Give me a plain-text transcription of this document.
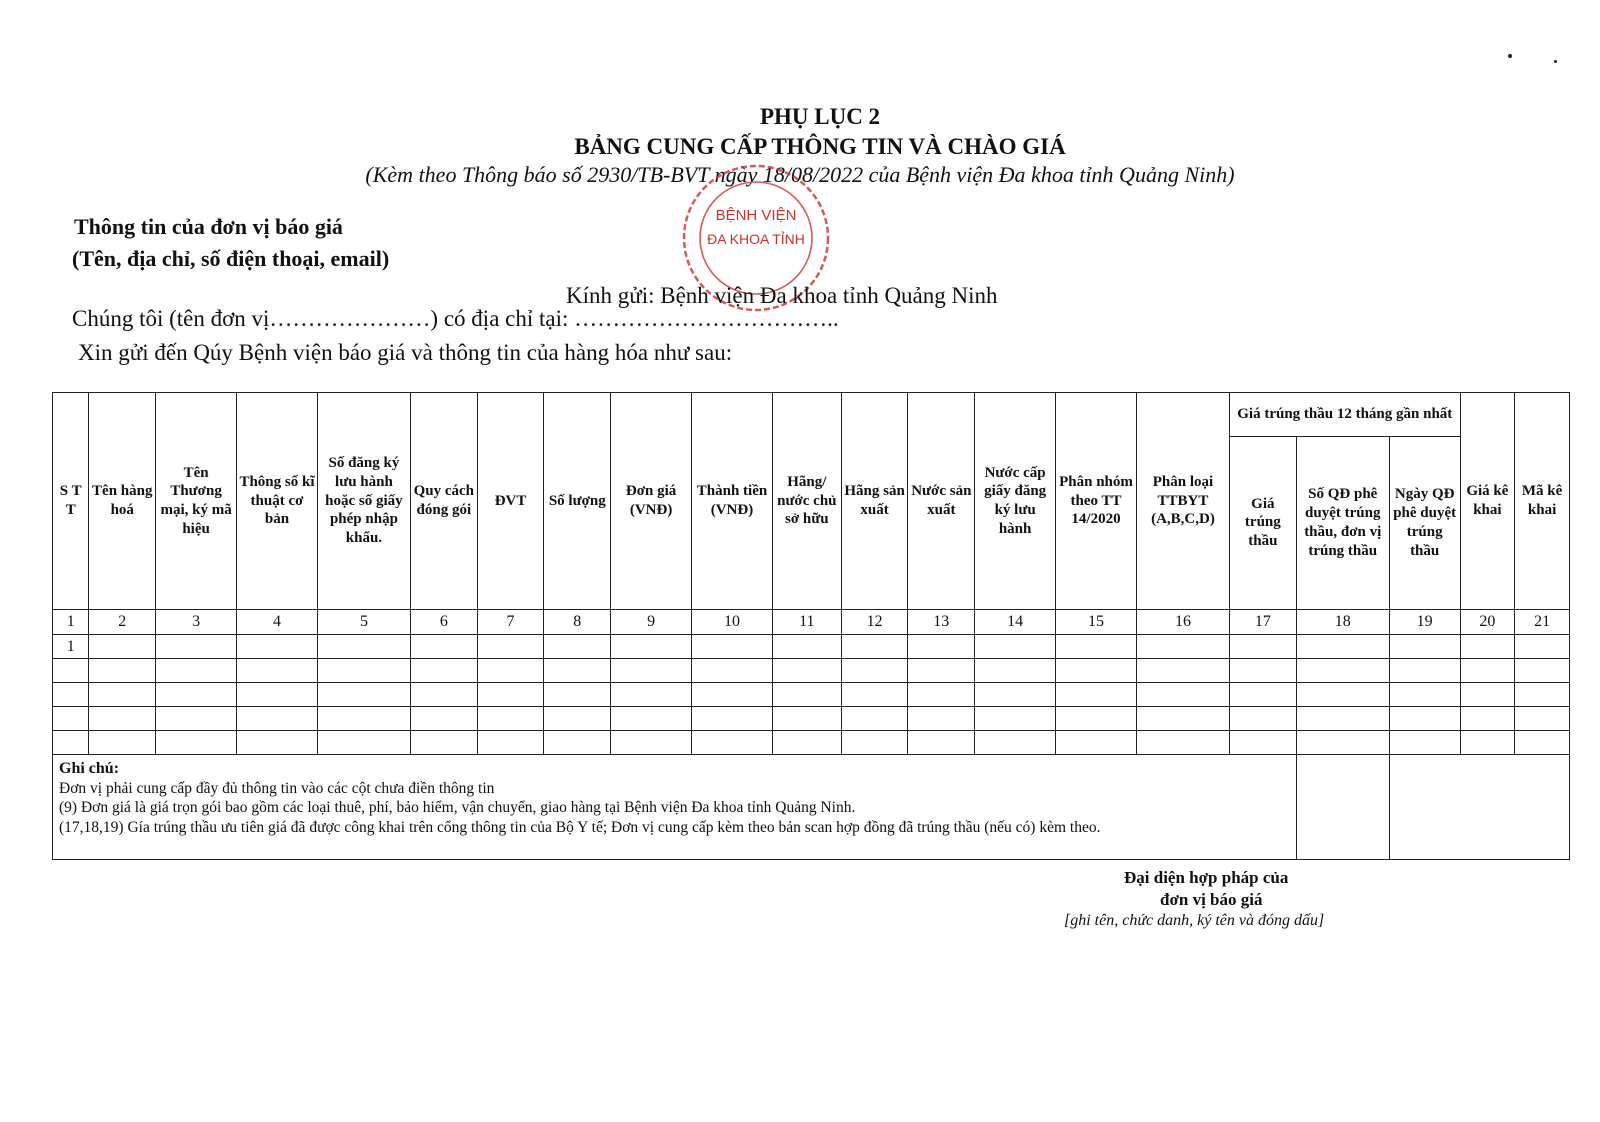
PHỤ LỤC 2
BẢNG CUNG CẤP THÔNG TIN VÀ CHÀO GIÁ
(Kèm theo Thông báo số 2930/TB-BVT ngày 18/08/2022 của Bệnh viện Đa khoa tỉnh Quảng Ninh)
BỆNH VIỆN
ĐA KHOA TỈNH
Thông tin của đơn vị báo giá
(Tên, địa chỉ, số điện thoại, email)
Kính gửi: Bệnh viện Đa khoa tỉnh Quảng Ninh
Chúng tôi (tên đơn vị…………………) có địa chỉ tại: ……………………………..
Xin gửi đến Qúy Bệnh viện báo giá và thông tin của hàng hóa như sau:
S T T	Tên hàng hoá	Tên Thương mại, ký mã hiệu	Thông số kĩ thuật cơ bản	Số đăng ký lưu hành hoặc số giấy phép nhập khẩu.	Quy cách đóng gói	ĐVT	Số lượng	Đơn giá (VNĐ)	Thành tiền (VNĐ)	Hãng/ nước chủ sở hữu	Hãng sản xuất	Nước sản xuất	Nước cấp giấy đăng ký lưu hành	Phân nhóm theo TT 14/2020	Phân loại TTBYT (A,B,C,D)	Giá trúng thầu 12 tháng gần nhất			Giá kê khai	Mã kê khai
																Giá trúng thầu	Số QĐ phê duyệt trúng thầu, đơn vị trúng thầu	Ngày QĐ phê duyệt trúng thầu		
1	2	3	4	5	6	7	8	9	10	11	12	13	14	15	16	17	18	19	20	21
1																				

Ghi chú:
Đơn vị phải cung cấp đầy đủ thông tin vào các cột chưa điền thông tin
(9) Đơn giá là giá trọn gói bao gồm các loại thuê, phí, bảo hiểm, vận chuyển, giao hàng tại Bệnh viện Đa khoa tỉnh Quảng Ninh.
(17,18,19) Gía trúng thầu ưu tiên giá đã được công khai trên cổng thông tin của Bộ Y tế; Đơn vị cung cấp kèm theo bản scan hợp đồng đã trúng thầu (nếu có) kèm theo.																				

Đại diện hợp pháp của
đơn vị báo giá
[ghi tên, chức danh, ký tên và đóng dấu]
